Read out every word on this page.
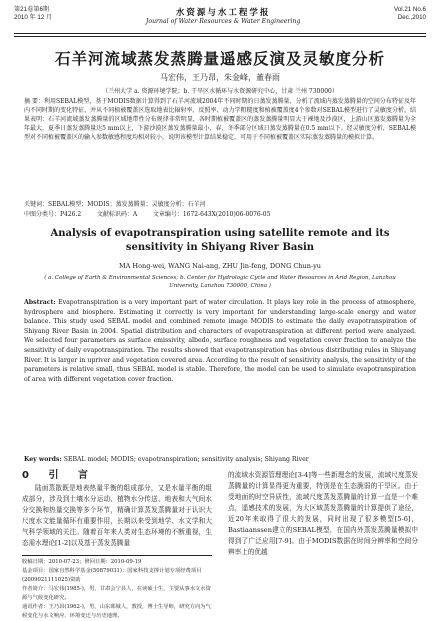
第21卷第6期
2010 年 12 月	水资源与水工程学报
Journal of Water Resources & Water Engineering
Vol.21 No.6
Dec.,2010
石羊河流域蒸发蒸腾量遥感反演及灵敏度分析
马宏伟，王乃昂，朱金峰，董春雨
（兰州大学 a. 资源环境学院；b. 干旱区水循环与水资源研究中心，甘肃 兰州 730000）
摘 要：利用SEBAL模型，基于MODIS数据计算得到了石羊河流域2004年不同时期的日蒸发蒸腾量，分析了流域内蒸发蒸腾量的空间分布特征及年内不同时期的变化特征，并从不同植被覆盖区选取地表比辐射率、反照率、动力学粗糙度和植被覆盖度4个参数对SEBAL模型进行了灵敏度分析。结果表明：石羊河流域蒸发蒸腾量的区域地带性分布规律非常明显，各时期植被覆盖区的蒸发蒸腾量明显大于裸地及沙漠区，上游山区蒸发蒸腾量为全年最大，夏季日蒸发蒸腾量达5 mm以上，下游沙漠区蒸发蒸腾量最小，春、冬季部分区域日蒸发蒸腾量在0.5 mm以下。经灵敏度分析，SEBAL模型对不同植被覆盖区的输入参数敏感程度均相对较小，说明该模型计算结果稳定，可用于不同植被覆盖区实际蒸发蒸腾量的模拟计算。
关键词：SEBAL模型；MODIS；蒸发蒸腾量；灵敏度分析；石羊河
中图分类号：P426.2	文献标识码：A	文章编号：1672-643X(2010)06-0076-05
Analysis of evapotranspiration using satellite remote and its sensitivity in Shiyang River Basin
MA Hong-wei, WANG Nai-ang, ZHU Jin-feng, DONG Chun-yu
( a. College of Earth & Environmental Sciences; b. Center for Hydrologic Cycle and Water Resources in Arid Region, Lanzhou University, Lanzhou 730000, China )
Abstract: Evapotranspiration is a very important part of water circulation. It plays key role in the process of atmosphere, hydrosphere and biosphere. Estimating it correctly is very important for understanding large-scale energy and water balance. This study used SEBAL model and combined remote image MODIS to estimate the daily evapotranspiration of Shiyang River Basin in 2004. Spatial distribution and characters of evapotranspiration at different period were analyzed. We selected four parameters as surface emissivity, albedo, surface roughness and vegetation cover fraction to analyze the sensitivity of daily evapotranspiration. The results showed that evapotranspiration has obvious distributing rules in Shiyang River. It is larger in upriver and vegetation covered area. According to the result of sensitivity analysis, the sensitivity of the parameters is relative small, thus SEBAL model is stable. Therefore, the model can be used to simulate evapotranspiration of area with different vegetation cover fraction.
Key words: SEBAL model; MODIS; evapotranspiration; sensitivity analysis; Shiyang River
0 引 言
陆面蒸散既是地表热量平衡的组成部分，又是水量平衡的组成部分，涉及到土壤水分运动、植物水分传送、地表和大气间水分交换和热量交换等多个环节，精确计算蒸发蒸腾量对于认识大尺度水文能量循环有重要作用，长期以来受到地学、水文学和大气科学领域的关注。随着百年来人类对生态环境的不断重视，生态需水理论[1-2]以及基于蒸发蒸腾量
的流域水资源管理理论[3-4]等一些新理念的发展，流域尺度蒸发蒸腾量的计算显得更为重要，特别是在生态脆弱的干旱区。由于受地面的时空异质性，流域尺度蒸发蒸腾量的计算一直是一个难点，遥感技术的发展，为大区域蒸发蒸腾量的计算提供了途径，近20年来取得了很大的发展，同时出现了很多模型[5-6]，Bastiaanssen建立的SEBAL模型，在国内外蒸发蒸腾量模拟中得到了广泛应用[7-9]。由于MODIS数据在时间分辨率和空间分辨率上的优越
收稿日期：2010-07-23；修回日期：2010-09-19
基金项目：国家自然科学基金(50879031)；国家科技支撑计划专项经费项目(2009021111025)资助
作者简介：马宏伟(1985-)，男，甘肃会宁县人，在读硕士生，主要从事水文水资源与气候变化研究。
通讯作者：王乃昂(1962-)，男，山东郯城人，教授，博士生导师，研究方向为气候变化与水文响应、环境变迁与历史地理。
